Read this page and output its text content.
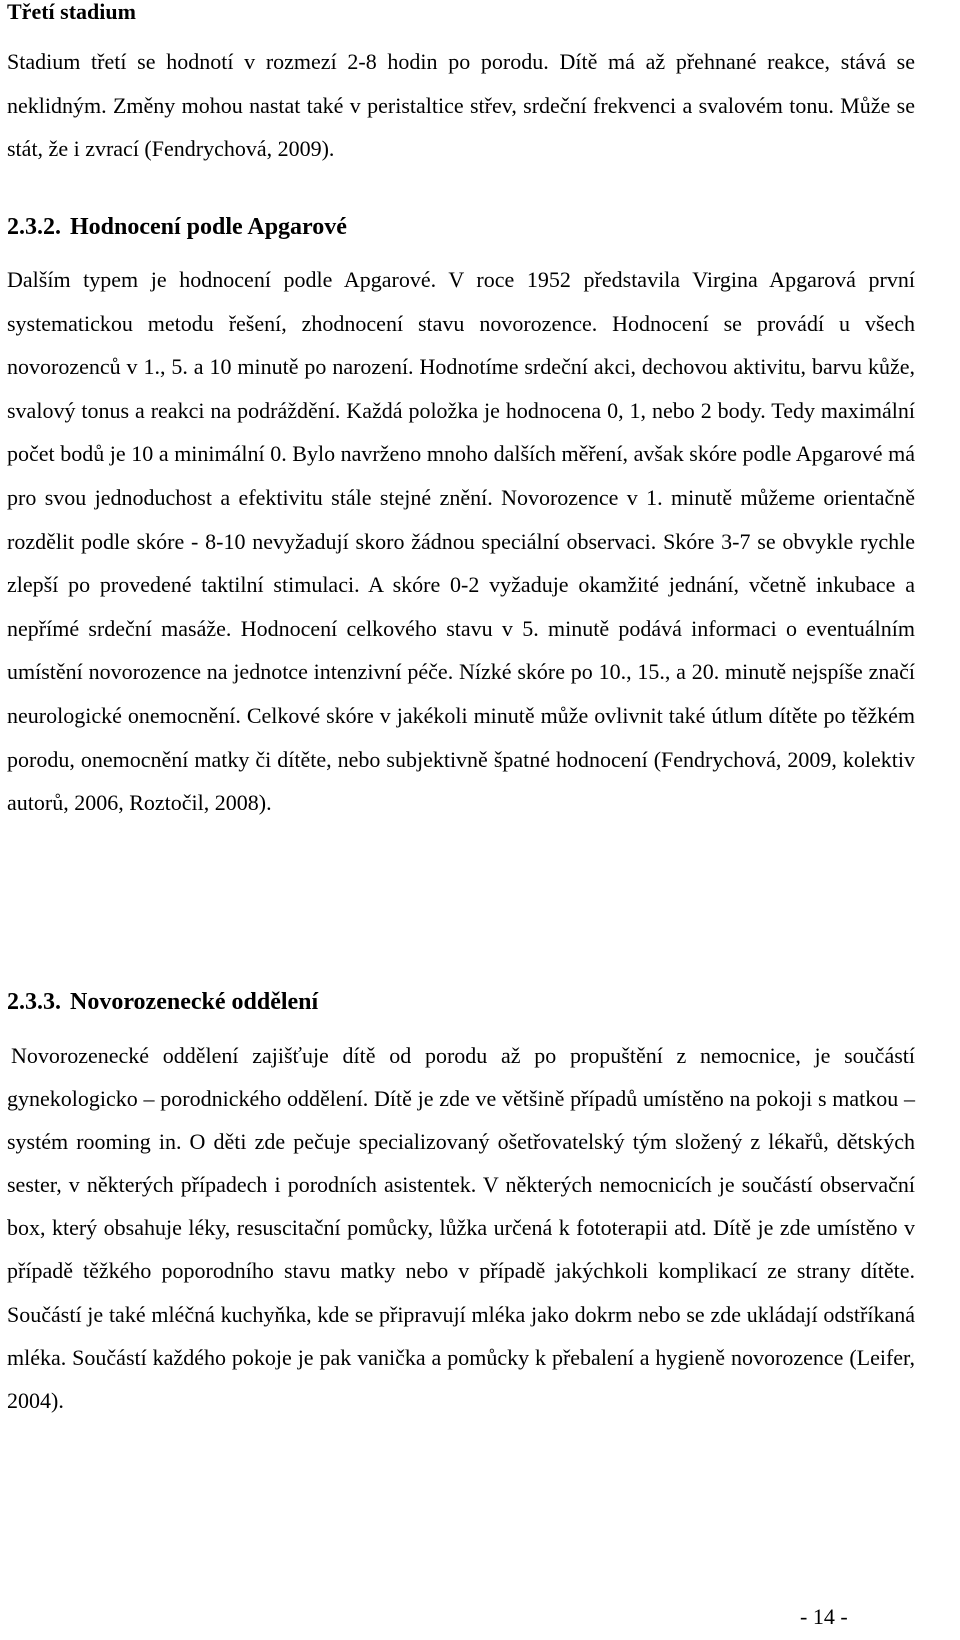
Třetí stadium

Stadium třetí se hodnotí v rozmezí 2-8 hodin po porodu. Dítě má až přehnané reakce, stává se neklidným. Změny mohou nastat také v peristaltice střev, srdeční frekvenci a svalovém tonu. Může se stát, že i zvrací (Fendrychová, 2009).

2.3.2. Hodnocení podle Apgarové

Dalším typem je hodnocení podle Apgarové. V roce 1952 představila Virgina Apgarová první systematickou metodu řešení, zhodnocení stavu novorozence. Hodnocení se provádí u všech novorozenců v 1., 5. a 10 minutě po narození. Hodnotíme srdeční akci, dechovou aktivitu, barvu kůže, svalový tonus a reakci na podráždění. Každá položka je hodnocena 0, 1, nebo 2 body. Tedy maximální počet bodů je 10 a minimální 0. Bylo navrženo mnoho dalších měření, avšak skóre podle Apgarové má pro svou jednoduchost a efektivitu stále stejné znění. Novorozence v 1. minutě můžeme orientačně rozdělit podle skóre - 8-10 nevyžadují skoro žádnou speciální observaci. Skóre 3-7 se obvykle rychle zlepší po provedené taktilní stimulaci. A skóre 0-2 vyžaduje okamžité jednání, včetně inkubace a nepřímé srdeční masáže. Hodnocení celkového stavu v 5. minutě podává informaci o eventuálním umístění novorozence na jednotce intenzivní péče. Nízké skóre po 10., 15., a 20. minutě nejspíše značí neurologické onemocnění. Celkové skóre v jakékoli minutě může ovlivnit také útlum dítěte po těžkém porodu, onemocnění matky či dítěte, nebo subjektivně špatné hodnocení (Fendrychová, 2009, kolektiv autorů, 2006, Roztočil, 2008).

2.3.3. Novorozenecké oddělení

Novorozenecké oddělení zajišťuje dítě od porodu až po propuštění z nemocnice, je součástí gynekologicko – porodnického oddělení. Dítě je zde ve většině případů umístěno na pokoji s matkou – systém rooming in. O děti zde pečuje specializovaný ošetřovatelský tým složený z lékařů, dětských sester, v některých případech i porodních asistentek. V některých nemocnicích je součástí observační box, který obsahuje léky, resuscitační pomůcky, lůžka určená k fototerapii atd. Dítě je zde umístěno v případě těžkého poporodního stavu matky nebo v případě jakýchkoli komplikací ze strany dítěte. Součástí je také mléčná kuchyňka, kde se připravují mléka jako dokrm nebo se zde ukládají odstříkaná mléka. Součástí každého pokoje je pak vanička a pomůcky k přebalení a hygieně novorozence (Leifer, 2004).

- 14 -
